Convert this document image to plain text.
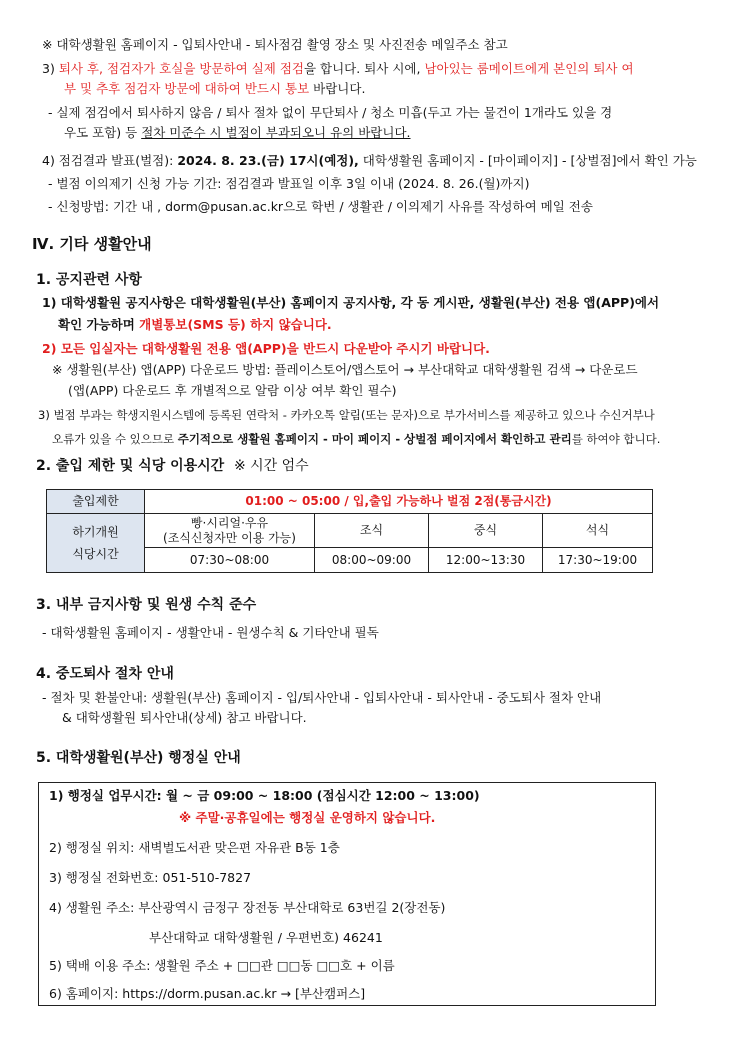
※ 대학생활원 홈페이지 - 입퇴사안내 - 퇴사점검 촬영 장소 및 사진전송 메일주소 참고
3) 퇴사 후, 점검자가 호실을 방문하여 실제 점검을 합니다. 퇴사 시에, 남아있는 룸메이트에게 본인의 퇴사 여
부 및 추후 점검자 방문에 대하여 반드시 통보 바랍니다.
- 실제 점검에서 퇴사하지 않음 / 퇴사 절차 없이 무단퇴사 / 청소 미흡(두고 가는 물건이 1개라도 있을 경
우도 포함) 등 절차 미준수 시 벌점이 부과되오니 유의 바랍니다.
4) 점검결과 발표(벌점): 2024. 8. 23.(금) 17시(예정), 대학생활원 홈페이지 - [마이페이지] - [상벌점]에서 확인 가능
- 벌점 이의제기 신청 가능 기간: 점검결과 발표일 이후 3일 이내 (2024. 8. 26.(월)까지)
- 신청방법: 기간 내 , dorm@pusan.ac.kr으로 학번 / 생활관 / 이의제기 사유를 작성하여 메일 전송
Ⅳ. 기타 생활안내
1. 공지관련 사항
1) 대학생활원 공지사항은 대학생활원(부산) 홈페이지 공지사항, 각 동 게시판, 생활원(부산) 전용 앱(APP)에서
확인 가능하며 개별통보(SMS 등) 하지 않습니다.
2) 모든 입실자는 대학생활원 전용 앱(APP)을 반드시 다운받아 주시기 바랍니다.
※ 생활원(부산) 앱(APP) 다운로드 방법: 플레이스토어/앱스토어 → 부산대학교 대학생활원 검색 → 다운로드
(앱(APP) 다운로드 후 개별적으로 알람 이상 여부 확인 필수)
3) 벌점 부과는 학생지원시스템에 등록된 연락처 - 카카오톡 알림(또는 문자)으로 부가서비스를 제공하고 있으나 수신거부나
오류가 있을 수 있으므로 주기적으로 생활원 홈페이지 - 마이 페이지 - 상벌점 페이지에서 확인하고 관리를 하여야 합니다.
2. 출입 제한 및 식당 이용시간 ※ 시간 엄수
출입제한	01:00 ~ 05:00 / 입,출입 가능하나 벌점 2점(통금시간)			
하기개원
식당시간	빵·시리얼·우유
(조식신청자만 이용 가능)	조식	중식	석식
	07:30~08:00	08:00~09:00	12:00~13:30	17:30~19:00
3. 내부 금지사항 및 원생 수칙 준수
- 대학생활원 홈페이지 - 생활안내 - 원생수칙 & 기타안내 필독
4. 중도퇴사 절차 안내
- 절차 및 환불안내: 생활원(부산) 홈페이지 - 입/퇴사안내 - 입퇴사안내 - 퇴사안내 - 중도퇴사 절차 안내
& 대학생활원 퇴사안내(상세) 참고 바랍니다.
5. 대학생활원(부산) 행정실 안내
1) 행정실 업무시간: 월 ~ 금 09:00 ~ 18:00 (점심시간 12:00 ~ 13:00)
※ 주말·공휴일에는 행정실 운영하지 않습니다.
2) 행정실 위치: 새벽벌도서관 맞은편 자유관 B동 1층
3) 행정실 전화번호: 051-510-7827
4) 생활원 주소: 부산광역시 금정구 장전동 부산대학로 63번길 2(장전동)
부산대학교 대학생활원 / 우편번호) 46241
5) 택배 이용 주소: 생활원 주소 + □□관 □□동 □□호 + 이름
6) 홈페이지: https://dorm.pusan.ac.kr → [부산캠퍼스]
